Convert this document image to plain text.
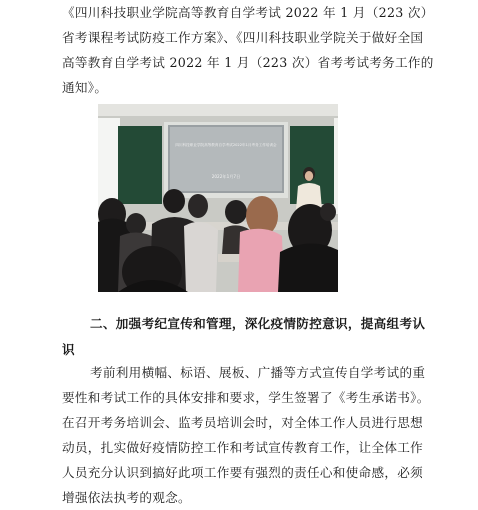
《四川科技职业学院高等教育自学考试 2022 年 1 月（223 次）省考课程考试防疫工作方案》、《四川科技职业学院关于做好全国高等教育自学考试 2022 年 1 月（223 次）省考考试考务工作的通知》。

四川科技职业学院高等教育自学考试2022年1月考务工作培训会
2022年1月7日

二、加强考纪宣传和管理，深化疫情防控意识，提高组考认识

考前利用横幅、标语、展板、广播等方式宣传自学考试的重要性和考试工作的具体安排和要求，学生签署了《考生承诺书》。在召开考务培训会、监考员培训会时，对全体工作人员进行思想动员，扎实做好疫情防控工作和考试宣传教育工作，让全体工作人员充分认识到搞好此项工作要有强烈的责任心和使命感，必须增强依法执考的观念。
